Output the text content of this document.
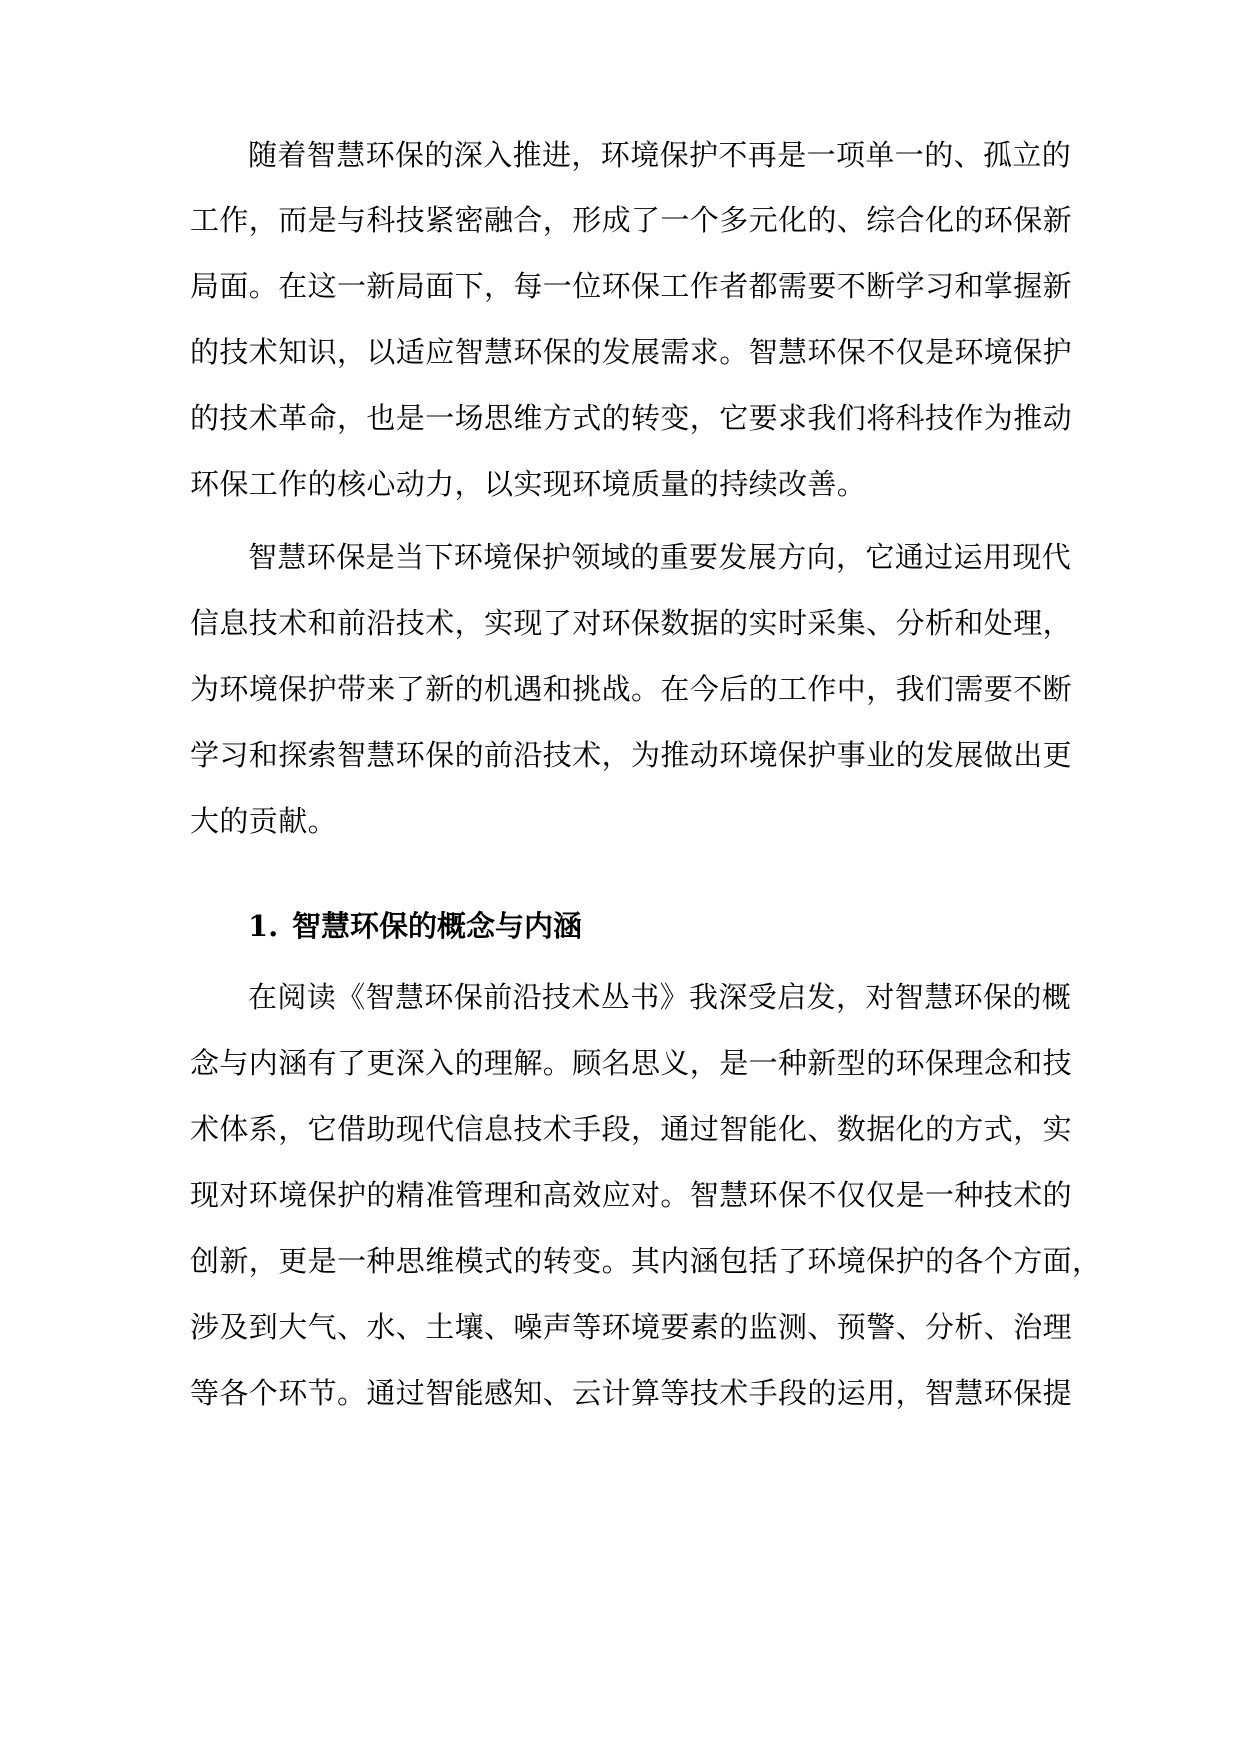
随着智慧环保的深入推进，环境保护不再是一项单一的、孤立的
工作，而是与科技紧密融合，形成了一个多元化的、综合化的环保新
局面。在这一新局面下，每一位环保工作者都需要不断学习和掌握新
的技术知识，以适应智慧环保的发展需求。智慧环保不仅是环境保护
的技术革命，也是一场思维方式的转变，它要求我们将科技作为推动
环保工作的核心动力，以实现环境质量的持续改善。
智慧环保是当下环境保护领域的重要发展方向，它通过运用现代
信息技术和前沿技术，实现了对环保数据的实时采集、分析和处理，
为环境保护带来了新的机遇和挑战。在今后的工作中，我们需要不断
学习和探索智慧环保的前沿技术，为推动环境保护事业的发展做出更
大的贡献。
1. 智慧环保的概念与内涵
在阅读《智慧环保前沿技术丛书》我深受启发，对智慧环保的概
念与内涵有了更深入的理解。顾名思义，是一种新型的环保理念和技
术体系，它借助现代信息技术手段，通过智能化、数据化的方式，实
现对环境保护的精准管理和高效应对。智慧环保不仅仅是一种技术的
创新，更是一种思维模式的转变。其内涵包括了环境保护的各个方面，
涉及到大气、水、土壤、噪声等环境要素的监测、预警、分析、治理
等各个环节。通过智能感知、云计算等技术手段的运用，智慧环保提
